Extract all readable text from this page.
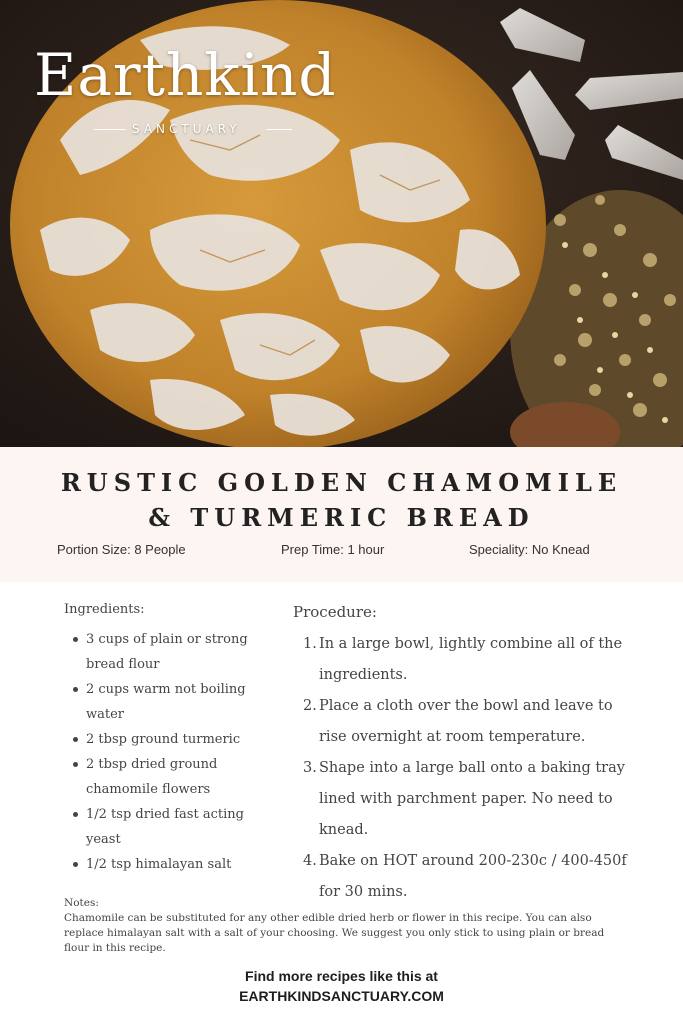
Earthkind
SANCTUARY
RUSTIC GOLDEN CHAMOMILE
& TURMERIC BREAD
Portion Size: 8 People	Prep Time: 1 hour	Speciality: No Knead
Ingredients:
3 cups of plain or strong bread flour
2 cups warm not boiling water
2 tbsp ground turmeric
2 tbsp dried ground chamomile flowers
1/2 tsp dried fast acting yeast
1/2 tsp himalayan salt
Procedure:
1. In a large bowl, lightly combine all of the ingredients.
2. Place a cloth over the bowl and leave to rise overnight at room temperature.
3. Shape into a large ball onto a baking tray lined with parchment paper. No need to knead.
4. Bake on HOT around 200-230c / 400-450f for 30 mins.

Notes:

Chamomile can be substituted for any other edible dried herb or flower in this recipe. You can also replace himalayan salt with a salt of your choosing. We suggest you only stick to using plain or bread flour in this recipe.

Find more recipes like this at
EARTHKINDSANCTUARY.COM
